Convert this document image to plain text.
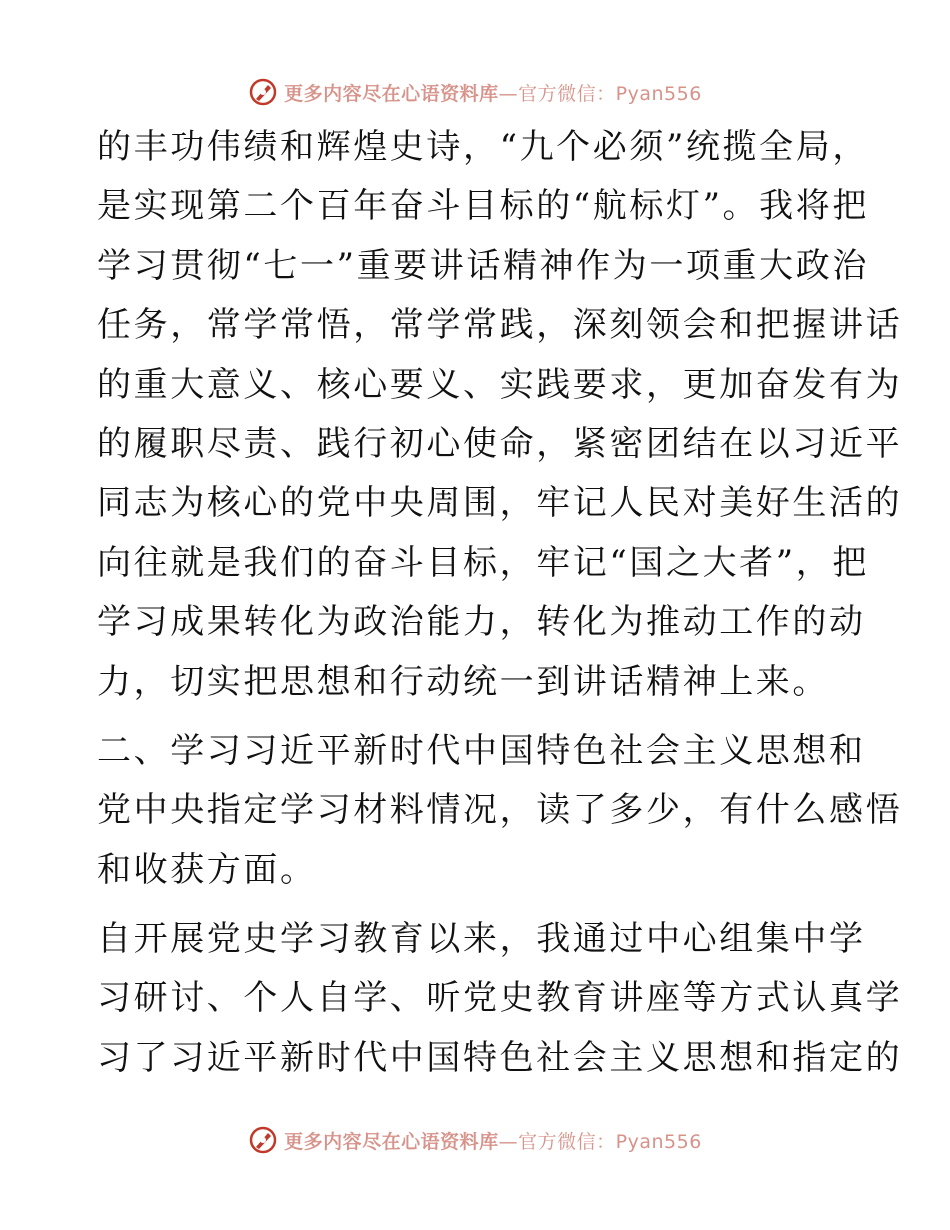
更多内容尽在心语资料库—官方微信：Pyan556
的丰功伟绩和辉煌史诗，“九个必须”统揽全局，
是实现第二个百年奋斗目标的“航标灯”。我将把
学习贯彻“七一”重要讲话精神作为一项重大政治
任务，常学常悟，常学常践，深刻领会和把握讲话
的重大意义、核心要义、实践要求，更加奋发有为
的履职尽责、践行初心使命，紧密团结在以习近平
同志为核心的党中央周围，牢记人民对美好生活的
向往就是我们的奋斗目标，牢记“国之大者”，把
学习成果转化为政治能力，转化为推动工作的动
力，切实把思想和行动统一到讲话精神上来。
二、学习习近平新时代中国特色社会主义思想和
党中央指定学习材料情况，读了多少，有什么感悟
和收获方面。
自开展党史学习教育以来，我通过中心组集中学
习研讨、个人自学、听党史教育讲座等方式认真学
习了习近平新时代中国特色社会主义思想和指定的
更多内容尽在心语资料库—官方微信：Pyan556
